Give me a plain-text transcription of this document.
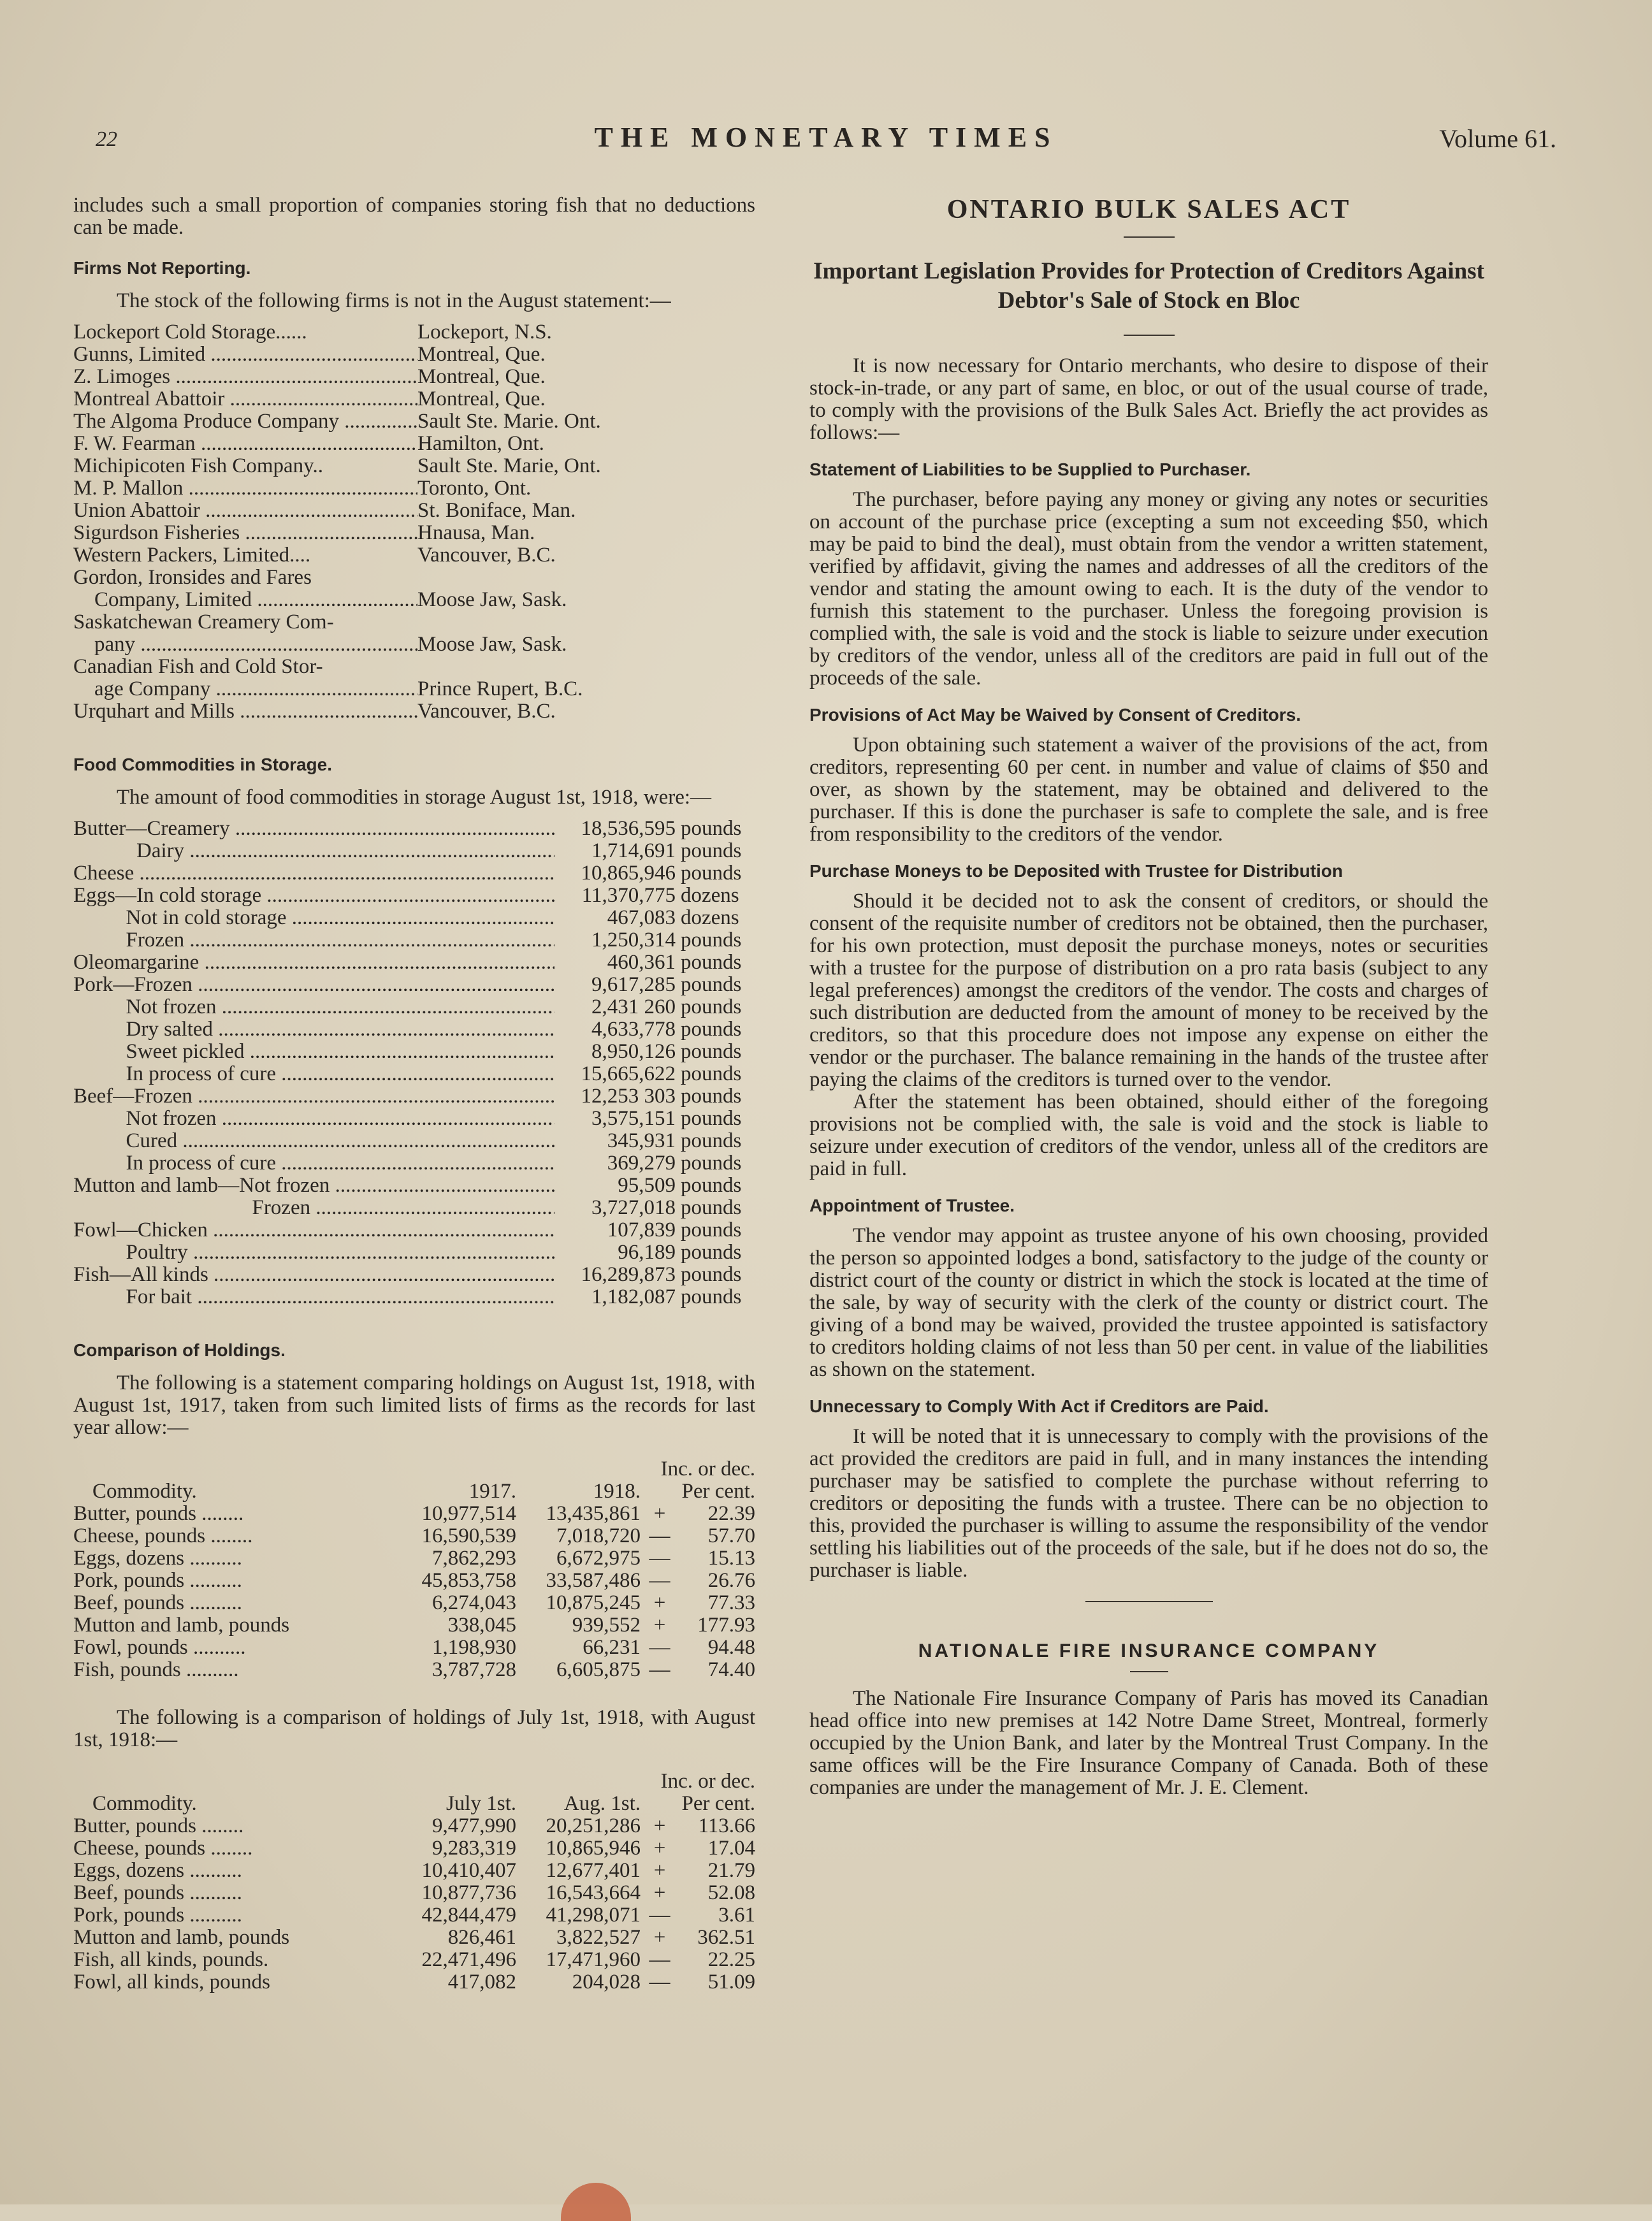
22	THE MONETARY TIMES	Volume 61.

includes such a small proportion of companies storing fish that no deductions can be made.

Firms Not Reporting.

The stock of the following firms is not in the August statement:—

Lockeport Cold Storage......	Lockeport, N.S.
Gunns, Limited .....	Montreal, Que.
Z. Limoges .....	Montreal, Que.
Montreal Abattoir .....	Montreal, Que.
The Algoma Produce Company .....	Sault Ste. Marie. Ont.
F. W. Fearman .....	Hamilton, Ont.
Michipicoten Fish Company..	Sault Ste. Marie, Ont.
M. P. Mallon .....	Toronto, Ont.
Union Abattoir .....	St. Boniface, Man.
Sigurdson Fisheries .....	Hnausa, Man.
Western Packers, Limited....	Vancouver, B.C.
Gordon, Ironsides and Fares
Company, Limited .....	Moose Jaw, Sask.
Saskatchewan Creamery Com-
pany .....	Moose Jaw, Sask.
Canadian Fish and Cold Stor-
age Company .....	Prince Rupert, B.C.
Urquhart and Mills .....	Vancouver, B.C.
Food Commodities in Storage.

The amount of food commodities in storage August 1st, 1918, were:—

Butter—Creamery .....	18,536,595 pounds
Dairy .....	1,714,691 pounds
Cheese .....	10,865,946 pounds
Eggs—In cold storage .....	11,370,775 dozens
Not in cold storage .....	467,083 dozens
Frozen .....	1,250,314 pounds
Oleomargarine .....	460,361 pounds
Pork—Frozen .....	9,617,285 pounds
Not frozen .....	2,431 260 pounds
Dry salted .....	4,633,778 pounds
Sweet pickled .....	8,950,126 pounds
In process of cure .....	15,665,622 pounds
Beef—Frozen .....	12,253 303 pounds
Not frozen .....	3,575,151 pounds
Cured .....	345,931 pounds
In process of cure .....	369,279 pounds
Mutton and lamb—Not frozen .....	95,509 pounds
Frozen .....	3,727,018 pounds
Fowl—Chicken .....	107,839 pounds
Poultry .....	96,189 pounds
Fish—All kinds .....	16,289,873 pounds
For bait .....	1,182,087 pounds
Comparison of Holdings.

The following is a statement comparing holdings on August 1st, 1918, with August 1st, 1917, taken from such limited lists of firms as the records for last year allow:—

			Inc. or dec.	
Commodity.	1917.	1918.	Per cent.	
Butter, pounds ........	10,977,514	13,435,861	+	22.39
Cheese, pounds ........	16,590,539	7,018,720	—	57.70
Eggs, dozens ..........	7,862,293	6,672,975	—	15.13
Pork, pounds ..........	45,853,758	33,587,486	—	26.76
Beef, pounds ..........	6,274,043	10,875,245	+	77.33
Mutton and lamb, pounds	338,045	939,552	+	177.93
Fowl, pounds ..........	1,198,930	66,231	—	94.48
Fish, pounds ..........	3,787,728	6,605,875	—	74.40

The following is a comparison of holdings of July 1st, 1918, with August 1st, 1918:—

			Inc. or dec.	
Commodity.	July 1st.	Aug. 1st.	Per cent.	
Butter, pounds ........	9,477,990	20,251,286	+	113.66
Cheese, pounds ........	9,283,319	10,865,946	+	17.04
Eggs, dozens ..........	10,410,407	12,677,401	+	21.79
Beef, pounds ..........	10,877,736	16,543,664	+	52.08
Pork, pounds ..........	42,844,479	41,298,071	—	3.61
Mutton and lamb, pounds	826,461	3,822,527	+	362.51
Fish, all kinds, pounds.	22,471,496	17,471,960	—	22.25
Fowl, all kinds, pounds	417,082	204,028	—	51.09
ONTARIO BULK SALES ACT
Important Legislation Provides for Protection of Creditors Against Debtor's Sale of Stock en Bloc

It is now necessary for Ontario merchants, who desire to dispose of their stock-in-trade, or any part of same, en bloc, or out of the usual course of trade, to comply with the provisions of the Bulk Sales Act. Briefly the act provides as follows:—

Statement of Liabilities to be Supplied to Purchaser.

The purchaser, before paying any money or giving any notes or securities on account of the purchase price (excepting a sum not exceeding $50, which may be paid to bind the deal), must obtain from the vendor a written statement, verified by affidavit, giving the names and addresses of all the creditors of the vendor and stating the amount owing to each. It is the duty of the vendor to furnish this statement to the purchaser. Unless the foregoing provision is complied with, the sale is void and the stock is liable to seizure under execution by creditors of the vendor, unless all of the creditors are paid in full out of the proceeds of the sale.

Provisions of Act May be Waived by Consent of Creditors.

Upon obtaining such statement a waiver of the provisions of the act, from creditors, representing 60 per cent. in number and value of claims of $50 and over, as shown by the statement, may be obtained and delivered to the purchaser. If this is done the purchaser is safe to complete the sale, and is free from responsibility to the creditors of the vendor.

Purchase Moneys to be Deposited with Trustee for Distribution

Should it be decided not to ask the consent of creditors, or should the consent of the requisite number of creditors not be obtained, then the purchaser, for his own protection, must deposit the purchase moneys, notes or securities with a trustee for the purpose of distribution on a pro rata basis (subject to any legal preferences) amongst the creditors of the vendor. The costs and charges of such distribution are deducted from the amount of money to be received by the creditors, so that this procedure does not impose any expense on either the vendor or the purchaser. The balance remaining in the hands of the trustee after paying the claims of the creditors is turned over to the vendor.

After the statement has been obtained, should either of the foregoing provisions not be complied with, the sale is void and the stock is liable to seizure under execution of creditors of the vendor, unless all of the creditors are paid in full.

Appointment of Trustee.

The vendor may appoint as trustee anyone of his own choosing, provided the person so appointed lodges a bond, satisfactory to the judge of the county or district court of the county or district in which the stock is located at the time of the sale, by way of security with the clerk of the county or district court. The giving of a bond may be waived, provided the trustee appointed is satisfactory to creditors holding claims of not less than 50 per cent. in value of the liabilities as shown on the statement.

Unnecessary to Comply With Act if Creditors are Paid.

It will be noted that it is unnecessary to comply with the provisions of the act provided the creditors are paid in full, and in many instances the intending purchaser may be satisfied to complete the purchase without referring to creditors or depositing the funds with a trustee. There can be no objection to this, provided the purchaser is willing to assume the responsibility of the vendor settling his liabilities out of the proceeds of the sale, but if he does not do so, the purchaser is liable.

NATIONALE FIRE INSURANCE COMPANY

The Nationale Fire Insurance Company of Paris has moved its Canadian head office into new premises at 142 Notre Dame Street, Montreal, formerly occupied by the Union Bank, and later by the Montreal Trust Company. In the same offices will be the Fire Insurance Company of Canada. Both of these companies are under the management of Mr. J. E. Clement.
